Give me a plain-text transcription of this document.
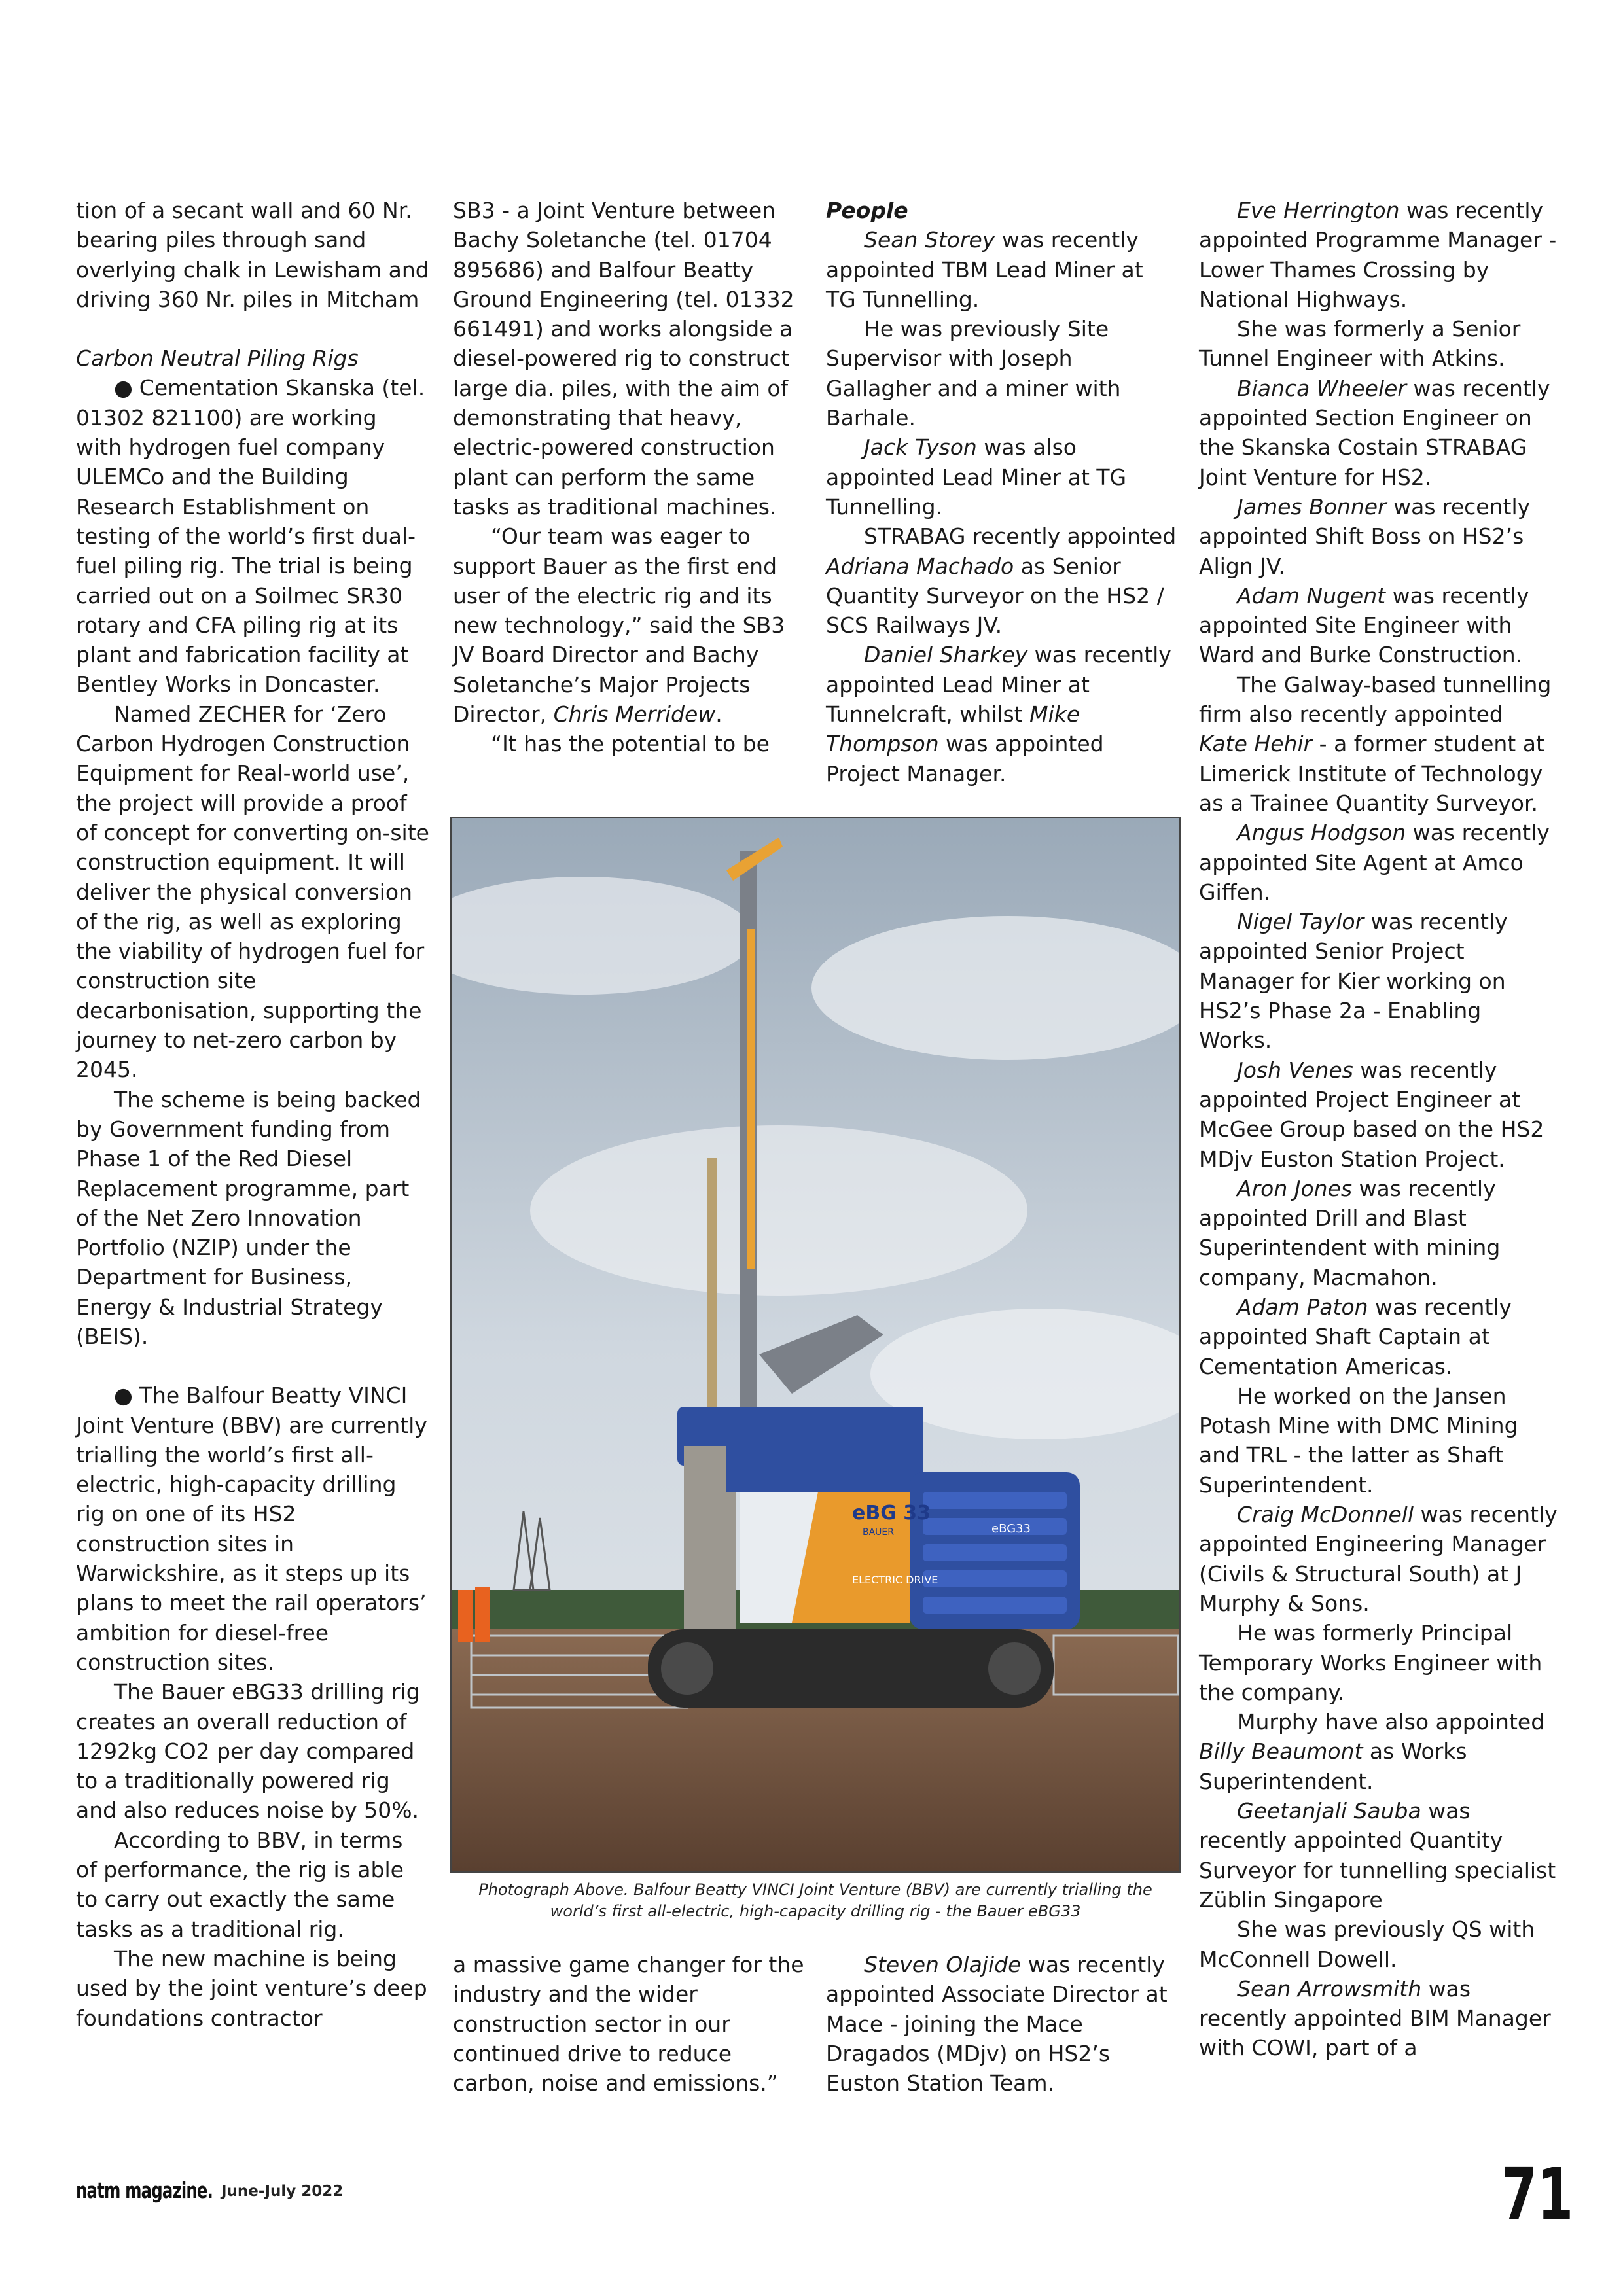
tion of a secant wall and 60 Nr. bearing piles through sand overlying chalk in Lewisham and driving 360 Nr. piles in Mitcham

Carbon Neutral Piling Rigs

● Cementation Skanska (tel. 01302 821100) are working with hydrogen fuel company ULEMCo and the Building Research Establishment on testing of the world’s first dual-fuel piling rig. The trial is being carried out on a Soilmec SR30 rotary and CFA piling rig at its plant and fabrication facility at Bentley Works in Doncaster.

Named ZECHER for ‘Zero Carbon Hydrogen Construction Equipment for Real-world use’, the project will provide a proof of concept for converting on-site construction equipment. It will deliver the physical conversion of the rig, as well as exploring the viability of hydrogen fuel for construction site decarbonisation, supporting the journey to net-zero carbon by 2045.

The scheme is being backed by Government funding from Phase 1 of the Red Diesel Replacement programme, part of the Net Zero Innovation Portfolio (NZIP) under the Department for Business, Energy & Industrial Strategy (BEIS).

● The Balfour Beatty VINCI Joint Venture (BBV) are currently trialling the world’s first all-electric, high-capacity drilling rig on one of its HS2 construction sites in Warwickshire, as it steps up its plans to meet the rail operators’ ambition for diesel-free construction sites.

The Bauer eBG33 drilling rig creates an overall reduction of 1292kg CO2 per day compared to a traditionally powered rig and also reduces noise by 50%.

According to BBV, in terms of performance, the rig is able to carry out exactly the same tasks as a traditional rig.

The new machine is being used by the joint venture’s deep foundations contractor

SB3 - a Joint Venture between Bachy Soletanche (tel. 01704 895686) and Balfour Beatty Ground Engineering (tel. 01332 661491) and works alongside a diesel-powered rig to construct large dia. piles, with the aim of demonstrating that heavy, electric-powered construction plant can perform the same tasks as traditional machines.

“Our team was eager to support Bauer as the first end user of the electric rig and its new technology,” said the SB3 JV Board Director and Bachy Soletanche’s Major Projects Director, Chris Merridew.

“It has the potential to be

People

Sean Storey was recently appointed TBM Lead Miner at TG Tunnelling.

He was previously Site Supervisor with Joseph Gallagher and a miner with Barhale.

Jack Tyson was also appointed Lead Miner at TG Tunnelling.

STRABAG recently appointed Adriana Machado as Senior Quantity Surveyor on the HS2 / SCS Railways JV.

Daniel Sharkey was recently appointed Lead Miner at Tunnelcraft, whilst Mike Thompson was appointed Project Manager.

Eve Herrington was recently appointed Programme Manager - Lower Thames Crossing by National Highways.

She was formerly a Senior Tunnel Engineer with Atkins.

Bianca Wheeler was recently appointed Section Engineer on the Skanska Costain STRABAG Joint Venture for HS2.

James Bonner was recently appointed Shift Boss on HS2’s Align JV.

Adam Nugent was recently appointed Site Engineer with Ward and Burke Construction.

The Galway-based tunnelling firm also recently appointed Kate Hehir - a former student at Limerick Institute of Technology as a Trainee Quantity Surveyor.

Angus Hodgson was recently appointed Site Agent at Amco Giffen.

Nigel Taylor was recently appointed Senior Project Manager for Kier working on HS2’s Phase 2a - Enabling Works.

Josh Venes was recently appointed Project Engineer at McGee Group based on the HS2 MDjv Euston Station Project.

Aron Jones was recently appointed Drill and Blast Superintendent with mining company, Macmahon.

Adam Paton was recently appointed Shaft Captain at Cementation Americas.

He worked on the Jansen Potash Mine with DMC Mining and TRL - the latter as Shaft Superintendent.

Craig McDonnell was recently appointed Engineering Manager (Civils & Structural South) at J Murphy & Sons.

He was formerly Principal Temporary Works Engineer with the company.

Murphy have also appointed Billy Beaumont as Works Superintendent.

Geetanjali Sauba was recently appointed Quantity Surveyor for tunnelling specialist Züblin Singapore

She was previously QS with McConnell Dowell.

Sean Arrowsmith was recently appointed BIM Manager with COWI, part of a

eBG 33
BAUER	eBG33
ELECTRIC DRIVE
Photograph Above. Balfour Beatty VINCI Joint Venture (BBV) are currently trialling the
world’s first all-electric, high-capacity drilling rig - the Bauer eBG33

a massive game changer for the industry and the wider construction sector in our continued drive to reduce carbon, noise and emissions.”

Steven Olajide was recently appointed Associate Director at Mace - joining the Mace Dragados (MDjv) on HS2’s Euston Station Team.

natm magazine. June-July 2022	71
